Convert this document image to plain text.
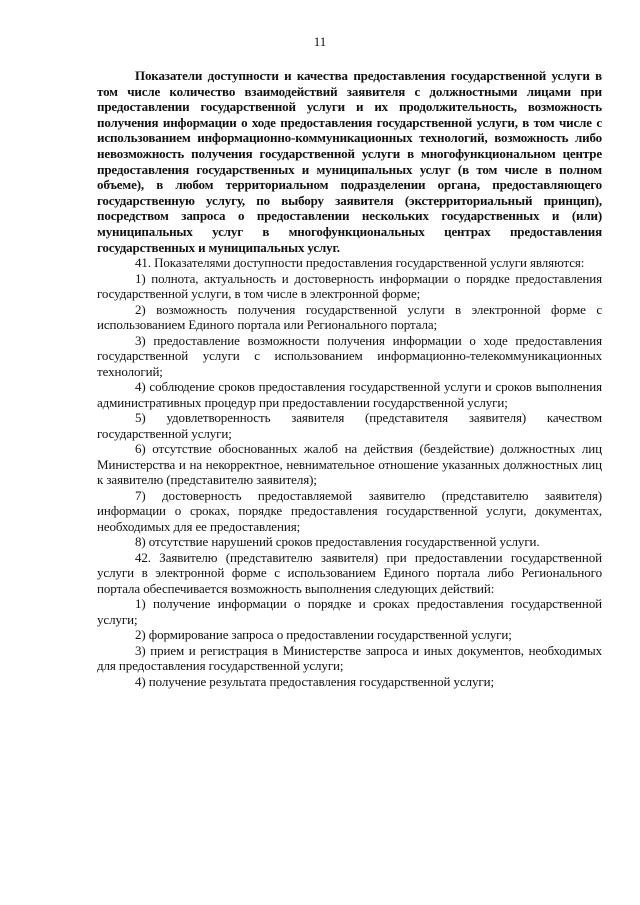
11

Показатели доступности и качества предоставления государственной услуги в том числе количество взаимодействий заявителя с должностными лицами при предоставлении государственной услуги и их продолжительность, возможность получения информации о ходе предоставления государственной услуги, в том числе с использованием информационно-коммуникационных технологий, возможность либо невозможность получения государственной услуги в многофункциональном центре предоставления государственных и муниципальных услуг (в том числе в полном объеме), в любом территориальном подразделении органа, предоставляющего государственную услугу, по выбору заявителя (экстерриториальный принцип), посредством запроса о предоставлении нескольких государственных и (или) муниципальных услуг в многофункциональных центрах предоставления государственных и муниципальных услуг.

41. Показателями доступности предоставления государственной услуги являются:

1) полнота, актуальность и достоверность информации о порядке предоставления государственной услуги, в том числе в электронной форме;

2) возможность получения государственной услуги в электронной форме с использованием Единого портала или Регионального портала;

3) предоставление возможности получения информации о ходе предоставления государственной услуги с использованием информационно-телекоммуникационных технологий;

4) соблюдение сроков предоставления государственной услуги и сроков выполнения административных процедур при предоставлении государственной услуги;

5) удовлетворенность заявителя (представителя заявителя) качеством государственной услуги;

6) отсутствие обоснованных жалоб на действия (бездействие) должностных лиц Министерства и на некорректное, невнимательное отношение указанных должностных лиц к заявителю (представителю заявителя);

7) достоверность предоставляемой заявителю (представителю заявителя) информации о сроках, порядке предоставления государственной услуги, документах, необходимых для ее предоставления;

8) отсутствие нарушений сроков предоставления государственной услуги.

42. Заявителю (представителю заявителя) при предоставлении государственной услуги в электронной форме с использованием Единого портала либо Регионального портала обеспечивается возможность выполнения следующих действий:

1) получение информации о порядке и сроках предоставления государственной услуги;

2) формирование запроса о предоставлении государственной услуги;

3) прием и регистрация в Министерстве запроса и иных документов, необходимых для предоставления государственной услуги;

4) получение результата предоставления государственной услуги;
